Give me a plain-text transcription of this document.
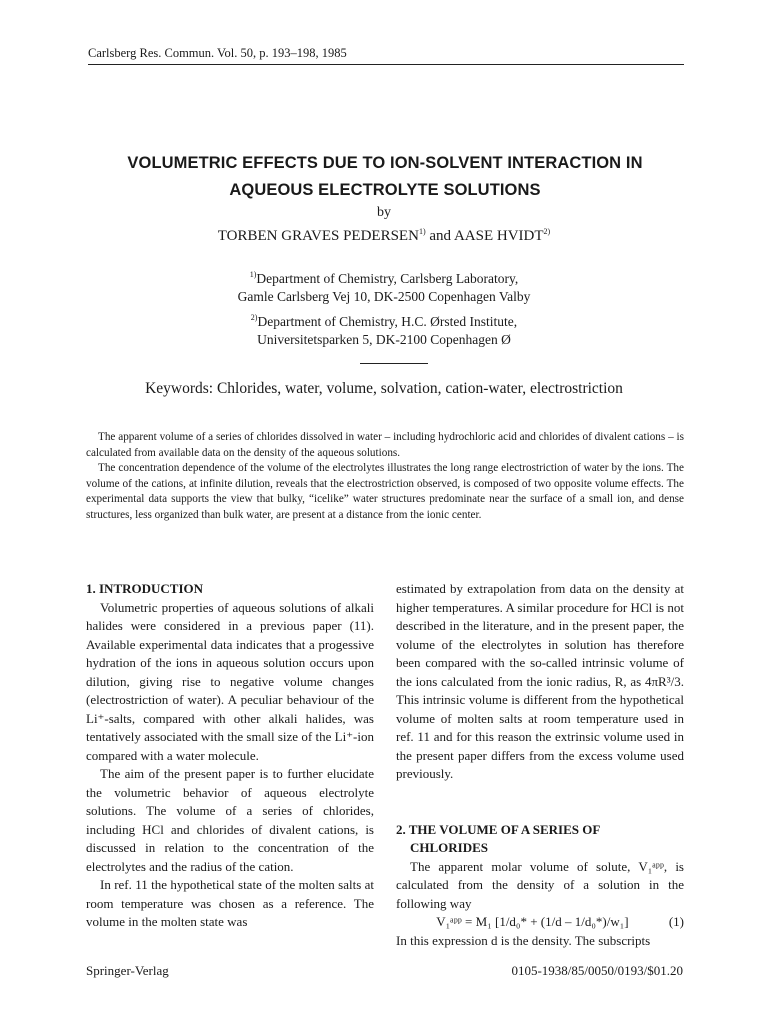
Carlsberg Res. Commun. Vol. 50, p. 193–198, 1985
VOLUMETRIC EFFECTS DUE TO ION-SOLVENT INTERACTION IN
AQUEOUS ELECTROLYTE SOLUTIONS
by
TORBEN GRAVES PEDERSEN$^{1)}$ and AASE HVIDT$^{2)}$
$^{1)}$Department of Chemistry, Carlsberg Laboratory,
Gamle Carlsberg Vej 10, DK-2500 Copenhagen Valby
$^{2)}$Department of Chemistry, H.C. Ørsted Institute,
Universitetsparken 5, DK-2100 Copenhagen Ø
Keywords: Chlorides, water, volume, solvation, cation-water, electrostriction

The apparent volume of a series of chlorides dissolved in water – including hydrochloric acid and chlorides of divalent cations – is calculated from available data on the density of the aqueous solutions.

The concentration dependence of the volume of the electrolytes illustrates the long range electrostriction of water by the ions. The volume of the cations, at infinite dilution, reveals that the electrostriction observed, is composed of two opposite volume effects. The experimental data supports the view that bulky, “icelike” water structures predominate near the surface of a small ion, and dense structures, less organized than bulk water, are present at a distance from the ionic center.

1. INTRODUCTION

Volumetric properties of aqueous solutions of alkali halides were considered in a previous paper (11). Available experimental data indicates that a progessive hydration of the ions in aqueous solution occurs upon dilution, giving rise to negative volume changes (electrostriction of water). A peculiar behaviour of the Li⁺-salts, compared with other alkali halides, was tentatively associated with the small size of the Li⁺-ion compared with a water molecule.

The aim of the present paper is to further elucidate the volumetric behavior of aqueous electrolyte solutions. The volume of a series of chlorides, including HCl and chlorides of divalent cations, is discussed in relation to the concentration of the electrolytes and the radius of the cation.

In ref. 11 the hypothetical state of the molten salts at room temperature was chosen as a reference. The volume in the molten state was

estimated by extrapolation from data on the density at higher temperatures. A similar procedure for HCl is not described in the literature, and in the present paper, the volume of the electrolytes in solution has therefore been compared with the so-called intrinsic volume of the ions calculated from the ionic radius, R, as 4πR³/3. This intrinsic volume is different from the hypothetical volume of molten salts at room temperature used in ref. 11 and for this reason the extrinsic volume used in the present paper differs from the excess volume used previously.

2. THE VOLUME OF A SERIES OF
CHLORIDES

The apparent molar volume of solute, V₁ᵃᵖᵖ, is calculated from the density of a solution in the following way

V₁ᵃᵖᵖ = M₁ [1/d₀* + (1/d – 1/d₀*)/w₁]	(1)

In this expression d is the density. The subscripts

Springer-Verlag	0105-1938/85/0050/0193/$01.20
